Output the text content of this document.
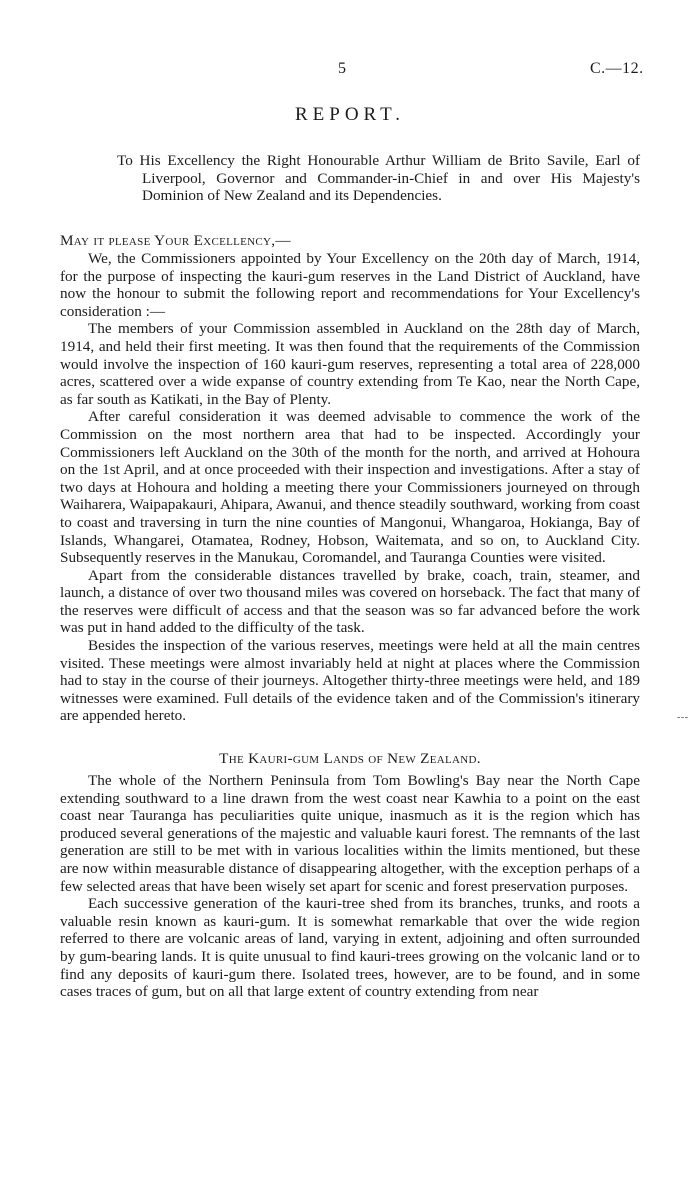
5	C.—12.
REPORT.
To His Excellency the Right Honourable Arthur William de Brito Savile, Earl of Liverpool, Governor and Commander-in-Chief in and over His Majesty's Dominion of New Zealand and its Dependencies.
May it please Your Excellency,—

We, the Commissioners appointed by Your Excellency on the 20th day of March, 1914, for the purpose of inspecting the kauri-gum reserves in the Land District of Auckland, have now the honour to submit the following report and recommendations for Your Excellency's consideration :—

The members of your Commission assembled in Auckland on the 28th day of March, 1914, and held their first meeting. It was then found that the requirements of the Commission would involve the inspection of 160 kauri-gum reserves, representing a total area of 228,000 acres, scattered over a wide expanse of country extending from Te Kao, near the North Cape, as far south as Katikati, in the Bay of Plenty.

After careful consideration it was deemed advisable to commence the work of the Commission on the most northern area that had to be inspected. Accordingly your Commissioners left Auckland on the 30th of the month for the north, and arrived at Hohoura on the 1st April, and at once proceeded with their inspection and investigations. After a stay of two days at Hohoura and holding a meeting there your Commissioners journeyed on through Waiharera, Waipapakauri, Ahipara, Awanui, and thence steadily southward, working from coast to coast and traversing in turn the nine counties of Mangonui, Whangaroa, Hokianga, Bay of Islands, Whangarei, Otamatea, Rodney, Hobson, Waitemata, and so on, to Auckland City. Subsequently reserves in the Manukau, Coromandel, and Tauranga Counties were visited.

Apart from the considerable distances travelled by brake, coach, train, steamer, and launch, a distance of over two thousand miles was covered on horseback. The fact that many of the reserves were difficult of access and that the season was so far advanced before the work was put in hand added to the difficulty of the task.

Besides the inspection of the various reserves, meetings were held at all the main centres visited. These meetings were almost invariably held at night at places where the Commission had to stay in the course of their journeys. Altogether thirty-three meetings were held, and 189 witnesses were examined. Full details of the evidence taken and of the Commission's itinerary are appended hereto.	- - -
The Kauri-gum Lands of New Zealand.

The whole of the Northern Peninsula from Tom Bowling's Bay near the North Cape extending southward to a line drawn from the west coast near Kawhia to a point on the east coast near Tauranga has peculiarities quite unique, inasmuch as it is the region which has produced several generations of the majestic and valuable kauri forest. The remnants of the last generation are still to be met with in various localities within the limits mentioned, but these are now within measurable distance of disappearing altogether, with the exception perhaps of a few selected areas that have been wisely set apart for scenic and forest preservation purposes.

Each successive generation of the kauri-tree shed from its branches, trunks, and roots a valuable resin known as kauri-gum. It is somewhat remarkable that over the wide region referred to there are volcanic areas of land, varying in extent, adjoining and often surrounded by gum-bearing lands. It is quite unusual to find kauri-trees growing on the volcanic land or to find any deposits of kauri-gum there. Isolated trees, however, are to be found, and in some cases traces of gum, but on all that large extent of country extending from near
